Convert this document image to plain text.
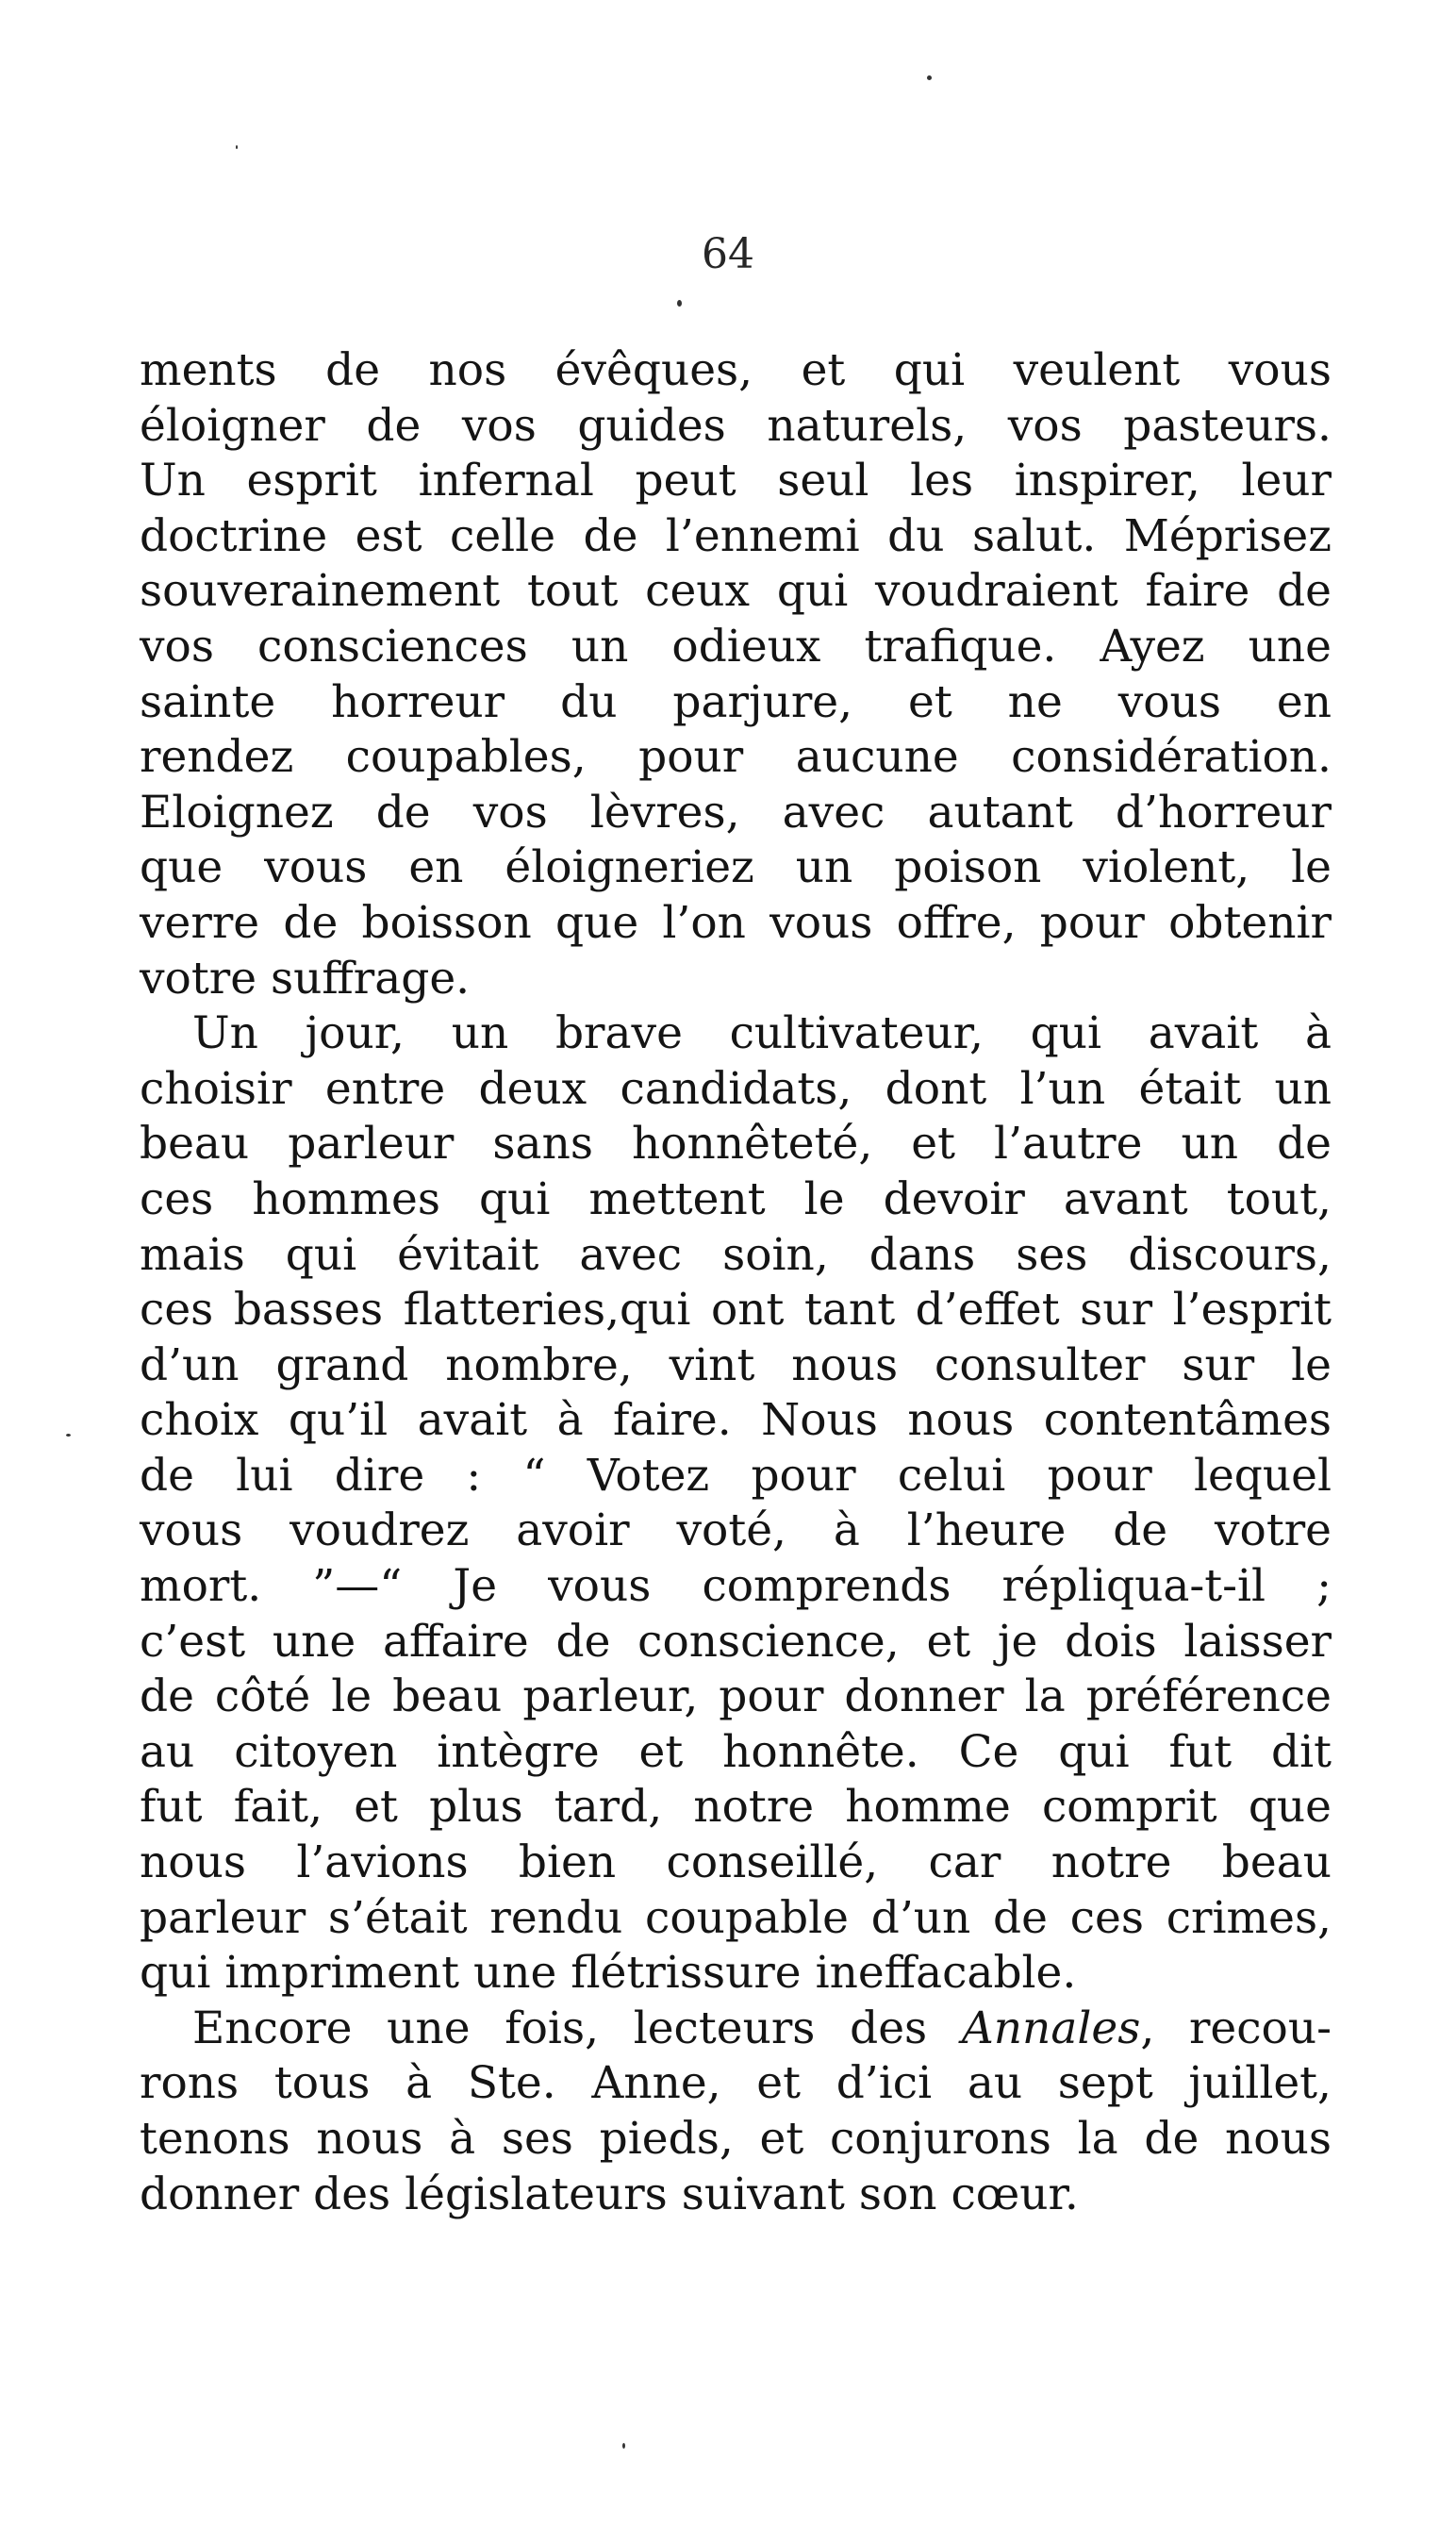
64
ments de nos évêques, et qui veulent vous
éloigner de vos guides naturels, vos pasteurs.
Un esprit infernal peut seul les inspirer, leur
doctrine est celle de l’ennemi du salut. Méprisez
souverainement tout ceux qui voudraient faire de
vos consciences un odieux trafique. Ayez une
sainte horreur du parjure, et ne vous en
rendez coupables, pour aucune considération.
Eloignez de vos lèvres, avec autant d’horreur
que vous en éloigneriez un poison violent, le
verre de boisson que l’on vous offre, pour obtenir
votre suffrage.
Un jour, un brave cultivateur, qui avait à
choisir entre deux candidats, dont l’un était un
beau parleur sans honnêteté, et l’autre un de
ces hommes qui mettent le devoir avant tout,
mais qui évitait avec soin, dans ses discours,
ces basses flatteries,qui ont tant d’effet sur l’esprit
d’un grand nombre, vint nous consulter sur le
choix qu’il avait à faire. Nous nous contentâmes
de lui dire : “ Votez pour celui pour lequel
vous voudrez avoir voté, à l’heure de votre
mort. ”—“ Je vous comprends répliqua-t-il ;
c’est une affaire de conscience, et je dois laisser
de côté le beau parleur, pour donner la préférence
au citoyen intègre et honnête. Ce qui fut dit
fut fait, et plus tard, notre homme comprit que
nous l’avions bien conseillé, car notre beau
parleur s’était rendu coupable d’un de ces crimes,
qui impriment une flétrissure ineffacable.
Encore une fois, lecteurs des Annales, recou-
rons tous à Ste. Anne, et d’ici au sept juillet,
tenons nous à ses pieds, et conjurons la de nous
donner des législateurs suivant son cœur.
